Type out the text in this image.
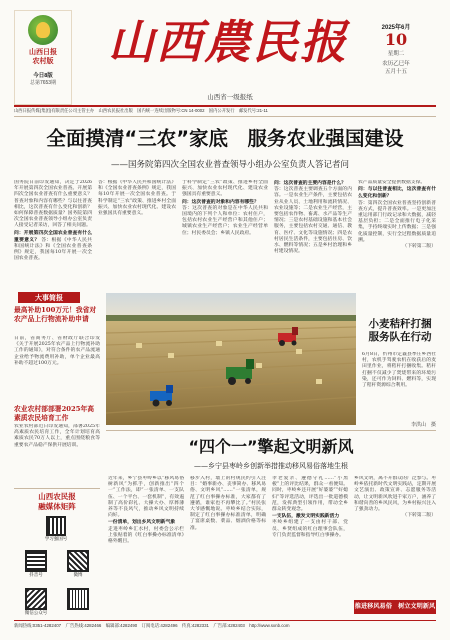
山西日报
农村版
今日8版
总第7653期
山西農民报
山西省一级报纸
2025年6月
10
星期二
农历乙巳年
五月十五
山西日报传媒(集团)有限责任公司主管主办　山西农民报社出版　国内统一连续出版物号:CN 14-0002　国内公开发行　邮发代号:21-11
全面摸清“三农”家底　服务农业强国建设
——国务院第四次全国农业普查领导小组办公室负责人答记者问
国务院日前印发通知，决定于2026年开展第四次全国农业普查。开展第四次全国农业普查有什么重要意义？普查对象和内容有哪些？与以往普查相比，这次普查有什么变化和创新？如何保障普查数据质量？国务院第四次全国农业普查领导小组办公室负责人接受记者采访，回答了相关问题。
问：开展第四次全国农业普查有什么重要意义？ 答：根据《中华人民共和国统计法》和《全国农业普查条例》规定，我国每10年开展一次全国农业普查。
答：根据《中华人民共和国统计法》和《全国农业普查条例》规定，我国每10年开展一次全国农业普查。于科学制定“三农”政策、推进乡村全面振兴、加快农业农村现代化、建设农业强国具有重要意义。
于科学制定“三农”政策、推进乡村全面振兴、加快农业农村现代化、建设农业强国具有重要意义。
问：这次普查的对象和内容有哪些？
答：这次普查的对象是在中华人民共和国境内的下列个人和单位：农村住户，包括农村农业生产经营户和其他住户；城镇农业生产经营户；农业生产经营单位；村民委员会；乡镇人民政府。
问：这次普查的主要内容是什么？
答：这次普查主要调查五个方面的内容。一是农业生产条件，主要包括农业从业人员、土地利用和流转情况、农业设施等；二是农业生产经营，主要包括农作物、畜禽、水产品等生产情况；三是农村基础设施和基本社会服务，主要包括农村交通、通信、教育、医疗、文化等设施情况；四是农村居民生活条件，主要包括住房、饮水、燃料等情况；五是乡村治理和乡村建设情况。
农产品质量安全提供数据支撑。
问：与以往普查相比，这次普查有什么变化和创新？
答：第四次全国农业普查坚持创新普查方式，提升普查效率。一是更加注重运用部门行政记录和大数据，减轻基层负担；二是全面推行电子化采集，手持终端实时上传数据；三是强化质量控制，实行全过程数据质量追溯。
（下转第二版）
大事简报
最高补助100万元！我省对农产品上行物流补助申请
日前，省商务厅、省财政厅联合印发《关于开展2025年农产品上行物流补助工作的通知》，对符合条件的农产品流通企业给予物流费用补助，单个企业最高补助不超过100万元。
农业农村部部署2025年高素质农民培育工作
农业农村部近日印发通知，部署2025年高素质农民培育工作，全年计划培育高素质农民70万人以上，重点围绕粮食等重要农产品稳产保供开展培训。
山西农民报
融媒体矩阵
学习强国号
抖音号	微博
微信公众号
小麦秸秆打捆
服务队在行动
6月8日，忻州市定襄县季庄乡西社村，农机手驾驶农机在收获后的麦田里作业，将秸秆打捆收集。秸秆打捆不仅减少了焚烧带来的环境污染，还可作为饲料、燃料等，实现了秸秆资源综合利用。
李洪山　摄
“四个一”擎起文明新风
——乡宁县枣岭乡创新举措推动移风易俗落地生根
近年来，乡宁县枣岭乡以“移风易俗树新风”为抓手，创新推出“四个一”工作法，即“一张清单、一支队伍、一个平台、一套机制”，有效遏制了高价彩礼、大操大办、厚葬薄养等不良风气，推动乡风文明持续向好。
一份清单，划出乡风文明新气象
走进枣岭乡汇水村，村委会公示栏上张贴着的《红白事操办标准清单》格外醒目。
移步入村，墙上的村规民约引人注目：“婚事新办、丧事简办、移风易俗、文明乡风”……“一张清单，规范了红白事操办标准，大家都有了遵循，谁家也不再攀比了。”村民张大爷感慨地说。枣岭乡结合实际，制定了红白事操办标准清单，明确了宴席桌数、菜品、烟酒价格等标准。
孝老爱亲、遵德守礼……“小黑板”上的评比结果，群众一看便知。同时，枣岭乡还开展“好婆婆”“好媳妇”等评选活动，评选出一批道德模范，发挥典型引领作用，带动全乡群众转变观念。
一支队伍，激发文明实践新活力
枣岭乡组建了一支由村干部、党员、乡贤组成的红白理事会队伍，专门负责监督和指导红白事操办。
乡风文明，离不开群众的广泛参与。枣岭乡依托新时代文明实践站，定期开展文艺演出、政策宣讲、志愿服务等活动，让文明新风吹进千家万户，涵养了和谐向善的乡风民风，为乡村振兴注入了强劲动力。
（下转第二版）
推进移风易俗　树立文明新风
新闻热线:0351-4282407　广告热线:4282466　编辑部:4282490　订阅电话:4282496　传真:4282331　广告部:4282403　http://www.sxnb.com
